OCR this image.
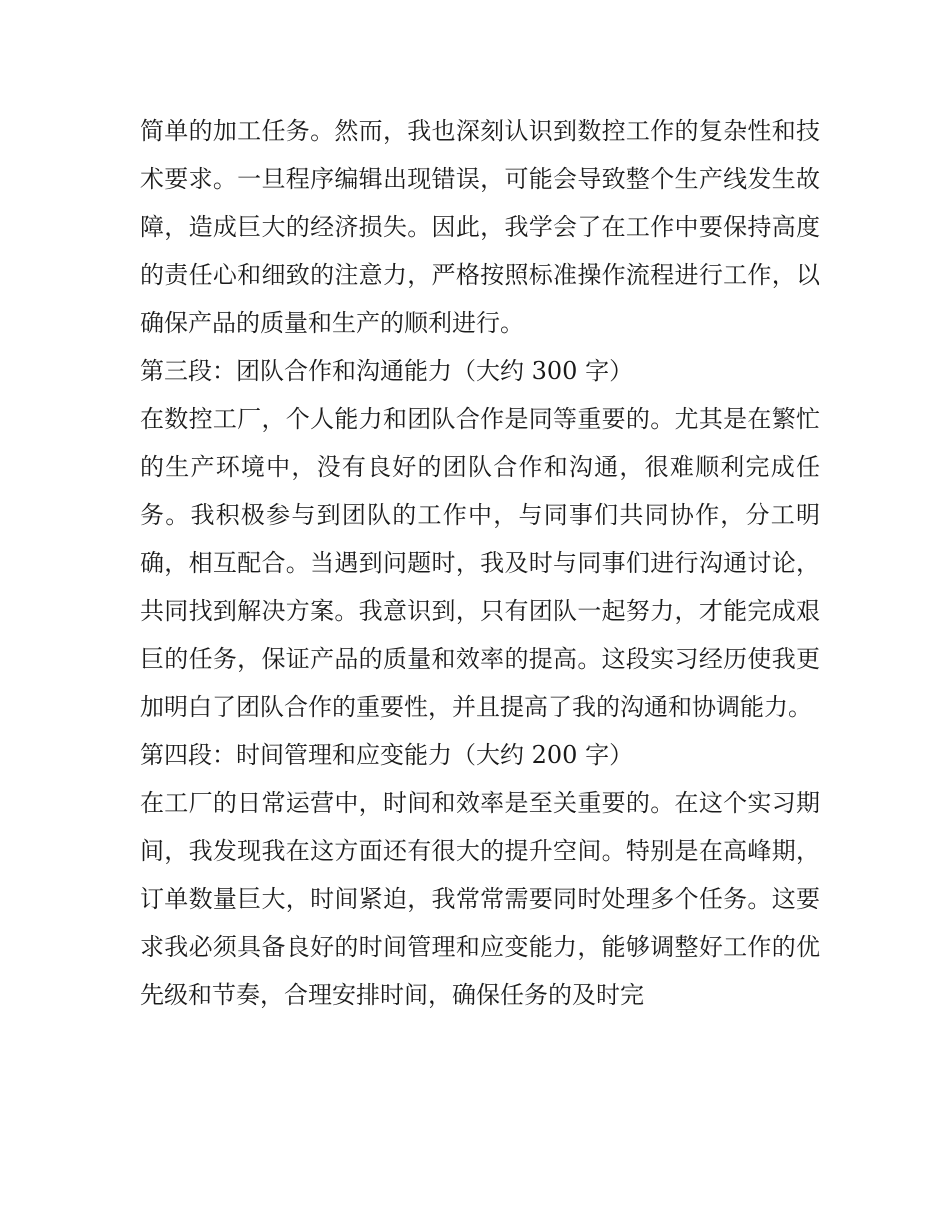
简单的加工任务。然而，我也深刻认识到数控工作的复杂性和技术要求。一旦程序编辑出现错误，可能会导致整个生产线发生故障，造成巨大的经济损失。因此，我学会了在工作中要保持高度的责任心和细致的注意力，严格按照标准操作流程进行工作，以确保产品的质量和生产的顺利进行。

第三段：团队合作和沟通能力（大约 300 字）

在数控工厂，个人能力和团队合作是同等重要的。尤其是在繁忙的生产环境中，没有良好的团队合作和沟通，很难顺利完成任务。我积极参与到团队的工作中，与同事们共同协作，分工明确，相互配合。当遇到问题时，我及时与同事们进行沟通讨论，共同找到解决方案。我意识到，只有团队一起努力，才能完成艰巨的任务，保证产品的质量和效率的提高。这段实习经历使我更加明白了团队合作的重要性，并且提高了我的沟通和协调能力。

第四段：时间管理和应变能力（大约 200 字）

在工厂的日常运营中，时间和效率是至关重要的。在这个实习期间，我发现我在这方面还有很大的提升空间。特别是在高峰期，订单数量巨大，时间紧迫，我常常需要同时处理多个任务。这要求我必须具备良好的时间管理和应变能力，能够调整好工作的优先级和节奏，合理安排时间，确保任务的及时完
